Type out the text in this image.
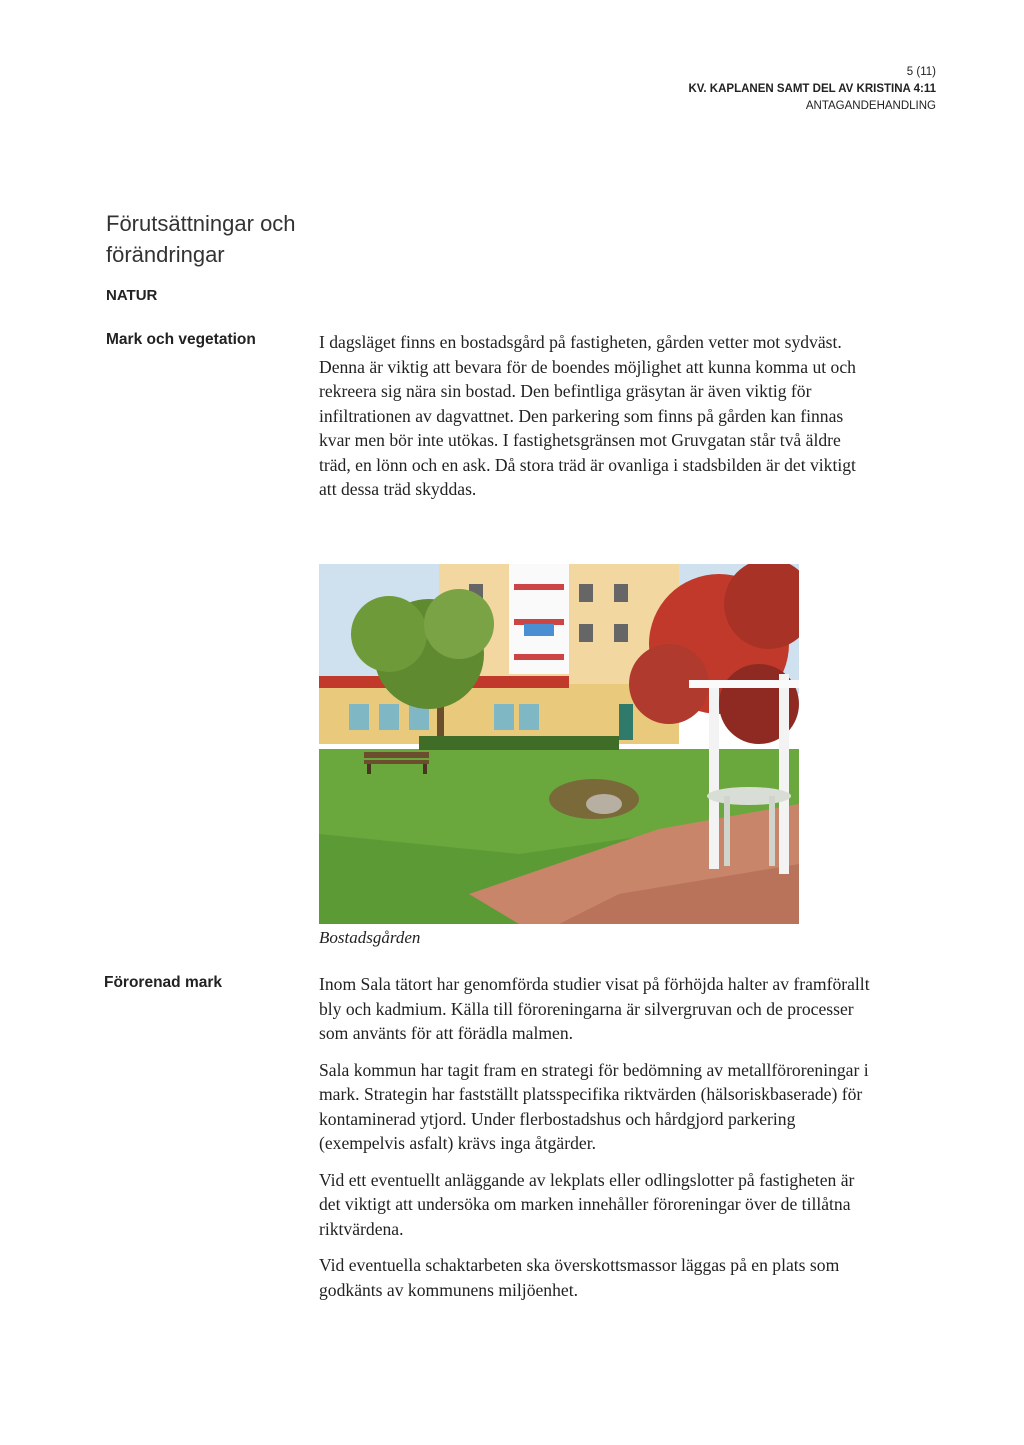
5 (11)
KV. KAPLANEN SAMT DEL AV KRISTINA 4:11
ANTAGANDEHANDLING
Förutsättningar och förändringar
NATUR
Mark och vegetation	I dagsläget finns en bostadsgård på fastigheten, gården vetter mot sydväst. Denna är viktig att bevara för de boendes möjlighet att kunna komma ut och rekreera sig nära sin bostad. Den befintliga gräsytan är även viktig för infiltrationen av dagvattnet. Den parkering som finns på gården kan finnas kvar men bör inte utökas. I fastighetsgränsen mot Gruvgatan står två äldre träd, en lönn och en ask. Då stora träd är ovanliga i stadsbilden är det viktigt att dessa träd skyddas.

Bostadsgården
Förorenad mark	Inom Sala tätort har genomförda studier visat på förhöjda halter av framförallt bly och kadmium. Källa till föroreningarna är silvergruvan och de processer som använts för att förädla malmen.

Sala kommun har tagit fram en strategi för bedömning av metallföroreningar i mark. Strategin har fastställt platsspecifika riktvärden (hälsoriskbaserade) för kontaminerad ytjord. Under flerbostadshus och hårdgjord parkering (exempelvis asfalt) krävs inga åtgärder.

Vid ett eventuellt anläggande av lekplats eller odlingslotter på fastigheten är det viktigt att undersöka om marken innehåller föroreningar över de tillåtna riktvärdena.

Vid eventuella schaktarbeten ska överskottsmassor läggas på en plats som godkänts av kommunens miljöenhet.
